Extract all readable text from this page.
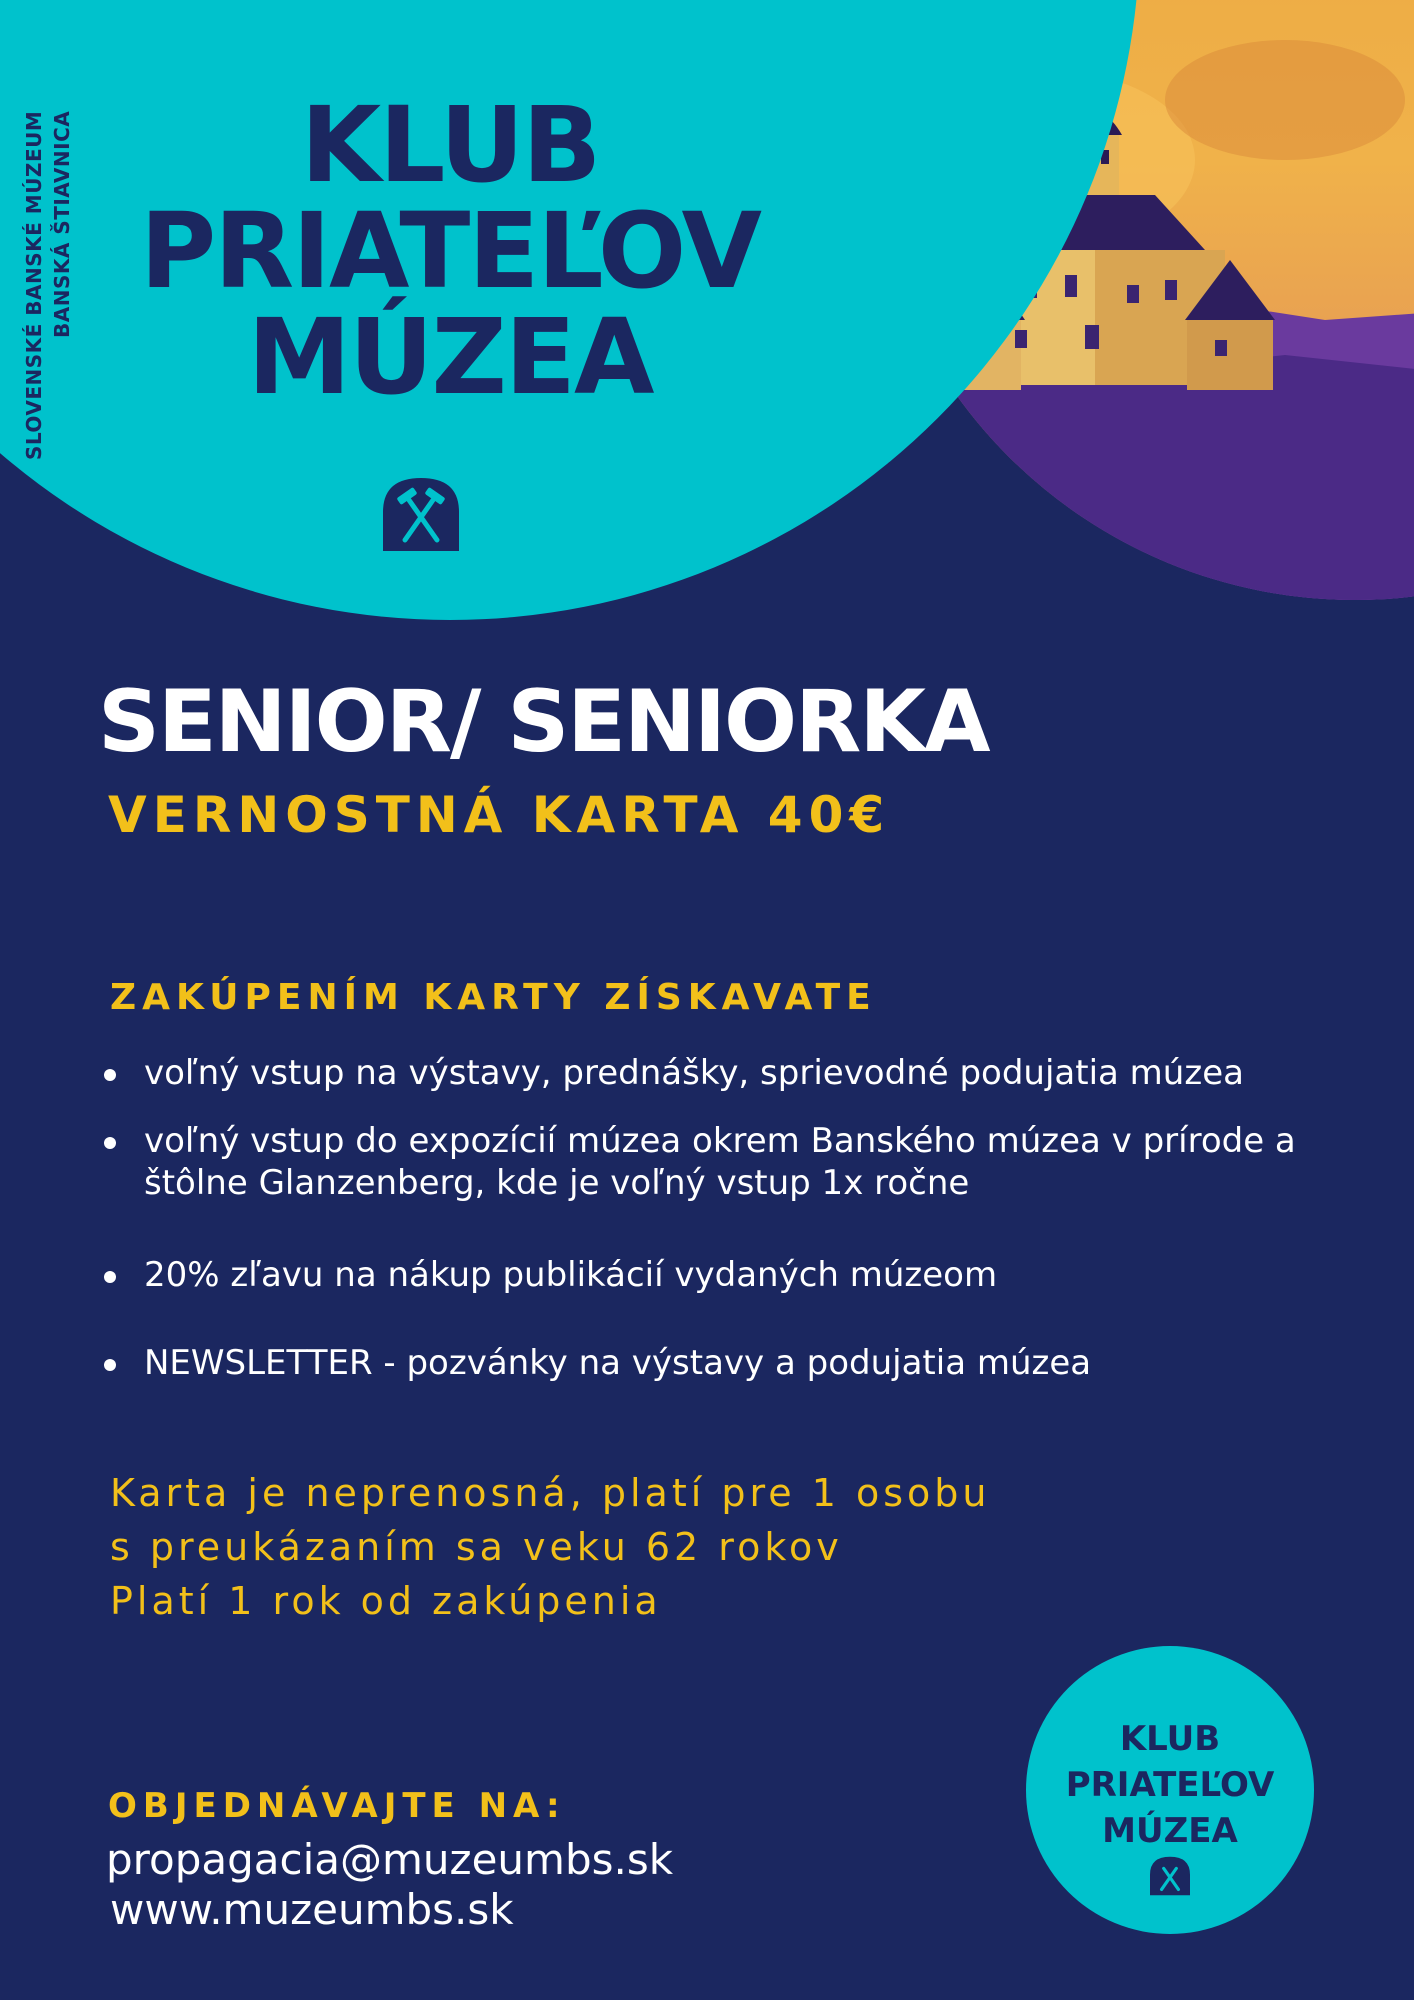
SLOVENSKÉ BANSKÉ MÚZEUM BANSKÁ ŠTIAVNICA	KLUB
PRIATEĽOV
MÚZEA
SENIOR/ SENIORKA
VERNOSTNÁ KARTA 40€
ZAKÚPENÍM KARTY ZÍSKAVATE
voľný vstup na výstavy, prednášky, sprievodné podujatia múzea
voľný vstup do expozícií múzea okrem Banského múzea v prírode a štôlne Glanzenberg, kde je voľný vstup 1x ročne
20% zľavu na nákup publikácií vydaných múzeom
NEWSLETTER - pozvánky na výstavy a podujatia múzea
Karta je neprenosná, platí pre 1 osobu
s preukázaním sa veku 62 rokov
Platí 1 rok od zakúpenia
OBJEDNÁVAJTE NA:
propagacia@muzeumbs.sk
www.muzeumbs.sk
KLUB
PRIATEĽOV
MÚZEA
